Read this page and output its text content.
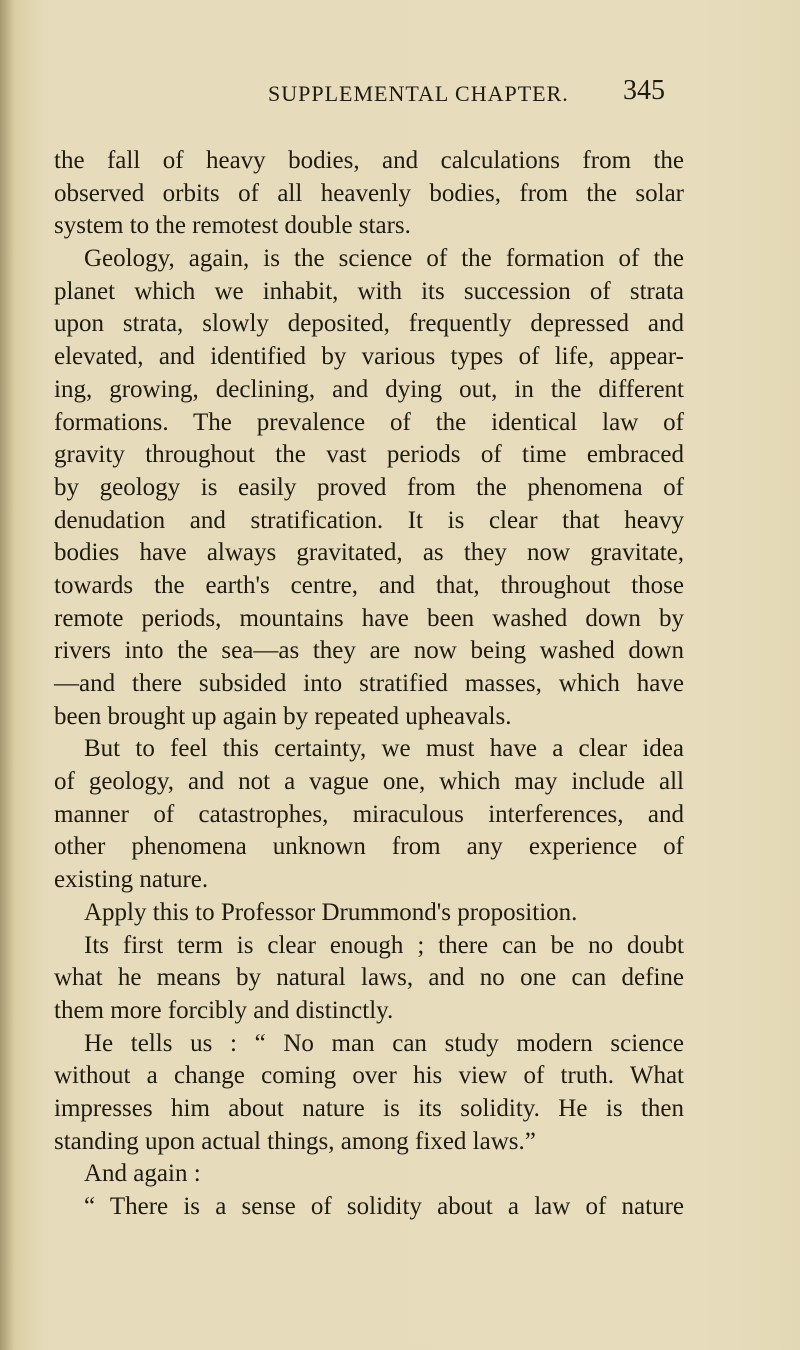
SUPPLEMENTAL CHAPTER. 345
the fall of heavy bodies, and calculations from the
observed orbits of all heavenly bodies, from the solar
system to the remotest double stars.
Geology, again, is the science of the formation of the
planet which we inhabit, with its succession of strata
upon strata, slowly deposited, frequently depressed and
elevated, and identified by various types of life, appear-
ing, growing, declining, and dying out, in the different
formations. The prevalence of the identical law of
gravity throughout the vast periods of time embraced
by geology is easily proved from the phenomena of
denudation and stratification. It is clear that heavy
bodies have always gravitated, as they now gravitate,
towards the earth's centre, and that, throughout those
remote periods, mountains have been washed down by
rivers into the sea—as they are now being washed down
—and there subsided into stratified masses, which have
been brought up again by repeated upheavals.
But to feel this certainty, we must have a clear idea
of geology, and not a vague one, which may include all
manner of catastrophes, miraculous interferences, and
other phenomena unknown from any experience of
existing nature.
Apply this to Professor Drummond's proposition.
Its first term is clear enough ; there can be no doubt
what he means by natural laws, and no one can define
them more forcibly and distinctly.
He tells us : “ No man can study modern science
without a change coming over his view of truth. What
impresses him about nature is its solidity. He is then
standing upon actual things, among fixed laws.”
And again :
“ There is a sense of solidity about a law of nature
